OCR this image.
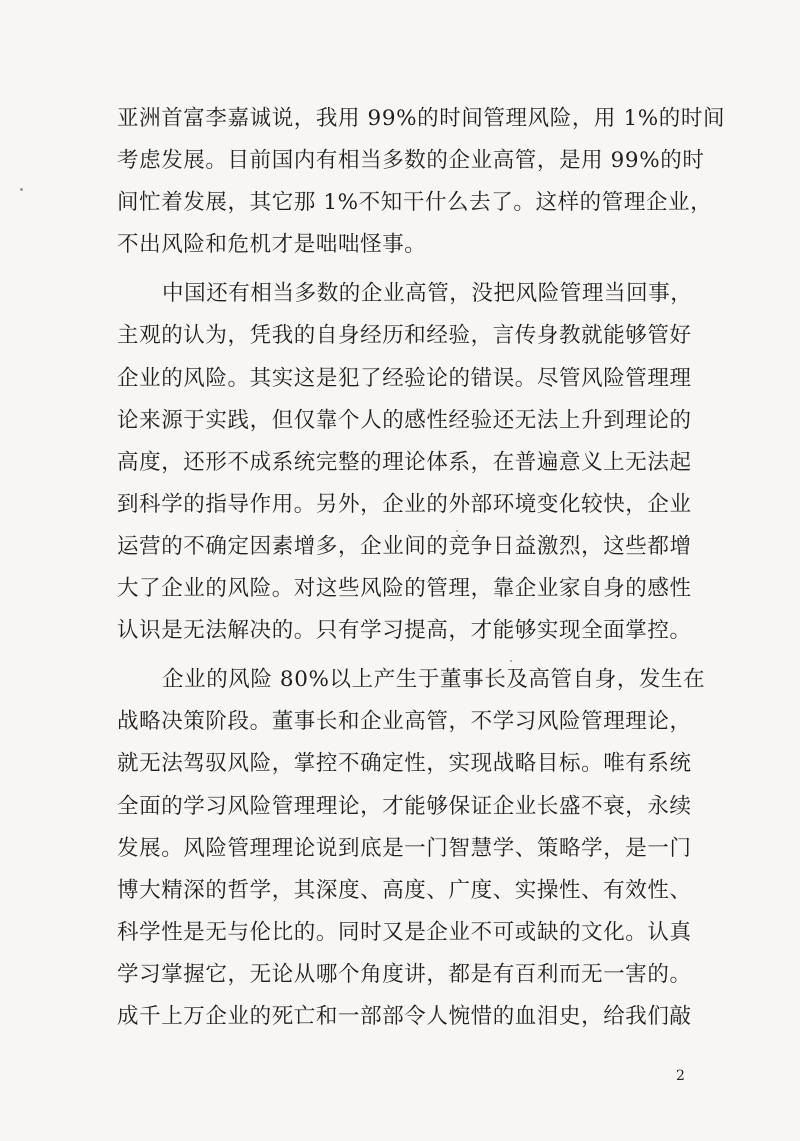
亚洲首富李嘉诚说，我用 99%的时间管理风险，用 1%的时间
考虑发展。目前国内有相当多数的企业高管，是用 99%的时
间忙着发展，其它那 1%不知干什么去了。这样的管理企业，
不出风险和危机才是咄咄怪事。
中国还有相当多数的企业高管，没把风险管理当回事，
主观的认为，凭我的自身经历和经验，言传身教就能够管好
企业的风险。其实这是犯了经验论的错误。尽管风险管理理
论来源于实践，但仅靠个人的感性经验还无法上升到理论的
高度，还形不成系统完整的理论体系，在普遍意义上无法起
到科学的指导作用。另外，企业的外部环境变化较快，企业
运营的不确定因素增多，企业间的竞争日益激烈，这些都增
大了企业的风险。对这些风险的管理，靠企业家自身的感性
认识是无法解决的。只有学习提高，才能够实现全面掌控。
企业的风险 80%以上产生于董事长及高管自身，发生在
战略决策阶段。董事长和企业高管，不学习风险管理理论，
就无法驾驭风险，掌控不确定性，实现战略目标。唯有系统
全面的学习风险管理理论，才能够保证企业长盛不衰，永续
发展。风险管理理论说到底是一门智慧学、策略学，是一门
博大精深的哲学，其深度、高度、广度、实操性、有效性、
科学性是无与伦比的。同时又是企业不可或缺的文化。认真
学习掌握它，无论从哪个角度讲，都是有百利而无一害的。
成千上万企业的死亡和一部部令人惋惜的血泪史，给我们敲
2
